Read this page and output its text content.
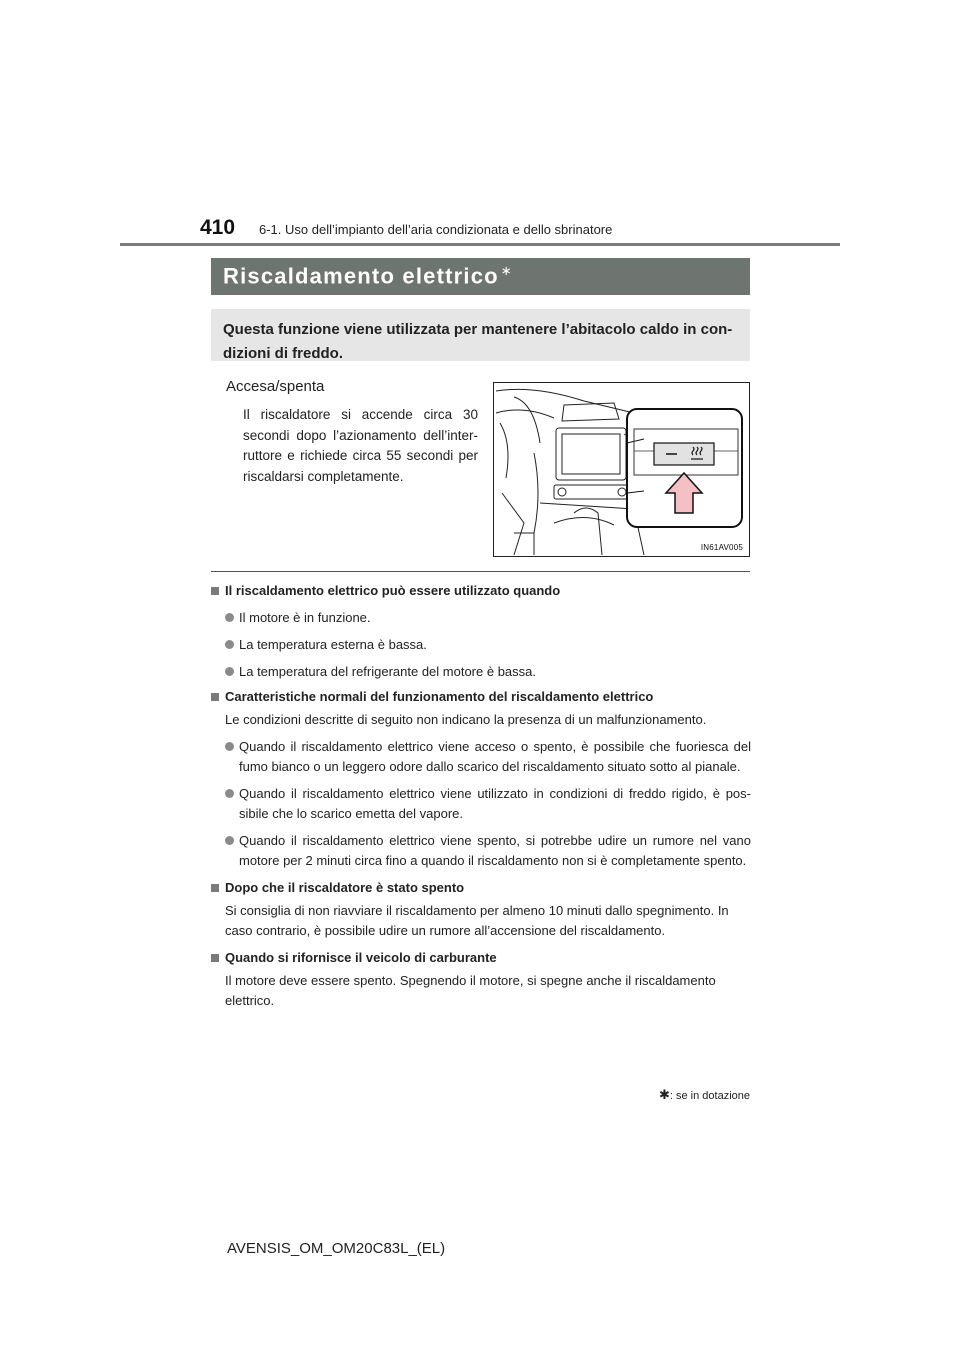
410 6-1. Uso dell’impianto dell’aria condizionata e dello sbrinatore
Riscaldamento elettrico ∗
Questa funzione viene utilizzata per mantenere l’abitacolo caldo in con-dizioni di freddo.
Accesa/spenta
Il riscaldatore si accende circa 30 secondi dopo l’azionamento dell’inter-ruttore e richiede circa 55 secondi per riscaldarsi completamente.
IN61AV005
Il riscaldamento elettrico può essere utilizzato quando
Il motore è in funzione.
La temperatura esterna è bassa.
La temperatura del refrigerante del motore è bassa.
Caratteristiche normali del funzionamento del riscaldamento elettrico
Le condizioni descritte di seguito non indicano la presenza di un malfunzionamento.
Quando il riscaldamento elettrico viene acceso o spento, è possibile che fuoriesca del fumo bianco o un leggero odore dallo scarico del riscaldamento situato sotto al pianale.
Quando il riscaldamento elettrico viene utilizzato in condizioni di freddo rigido, è pos-sibile che lo scarico emetta del vapore.
Quando il riscaldamento elettrico viene spento, si potrebbe udire un rumore nel vano motore per 2 minuti circa fino a quando il riscaldamento non si è completamente spento.
Dopo che il riscaldatore è stato spento
Si consiglia di non riavviare il riscaldamento per almeno 10 minuti dallo spegnimento. In caso contrario, è possibile udire un rumore all’accensione del riscaldamento.
Quando si rifornisce il veicolo di carburante
Il motore deve essere spento. Spegnendo il motore, si spegne anche il riscaldamento elettrico.
✱: se in dotazione
AVENSIS_OM_OM20C83L_(EL)
